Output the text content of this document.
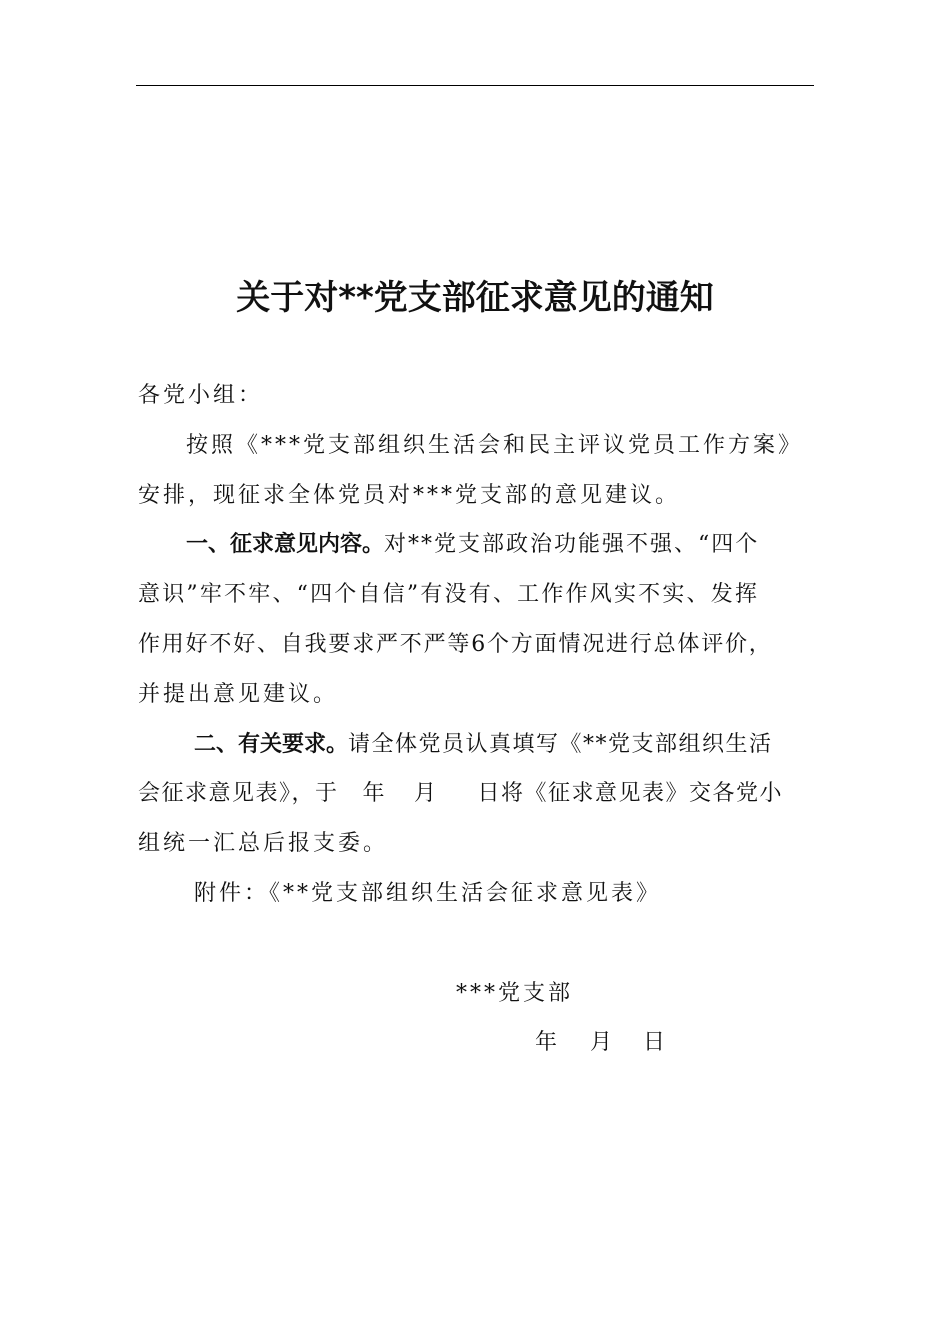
关于对**党支部征求意见的通知
各党小组：
按照《***党支部组织生活会和民主评议党员工作方案》
安排，现征求全体党员对***党支部的意见建议。
一、征求意见内容。对**党支部政治功能强不强、“四个
意识”牢不牢、“四个自信”有没有、工作作风实不实、发挥
作用好不好、自我要求严不严等6个方面情况进行总体评价，
并提出意见建议。
二、有关要求。请全体党员认真填写《**党支部组织生活
会征求意见表》，于 年 月 日将《征求意见表》交各党小
组统一汇总后报支委。
附件：《**党支部组织生活会征求意见表》
***党支部
年 月 日
